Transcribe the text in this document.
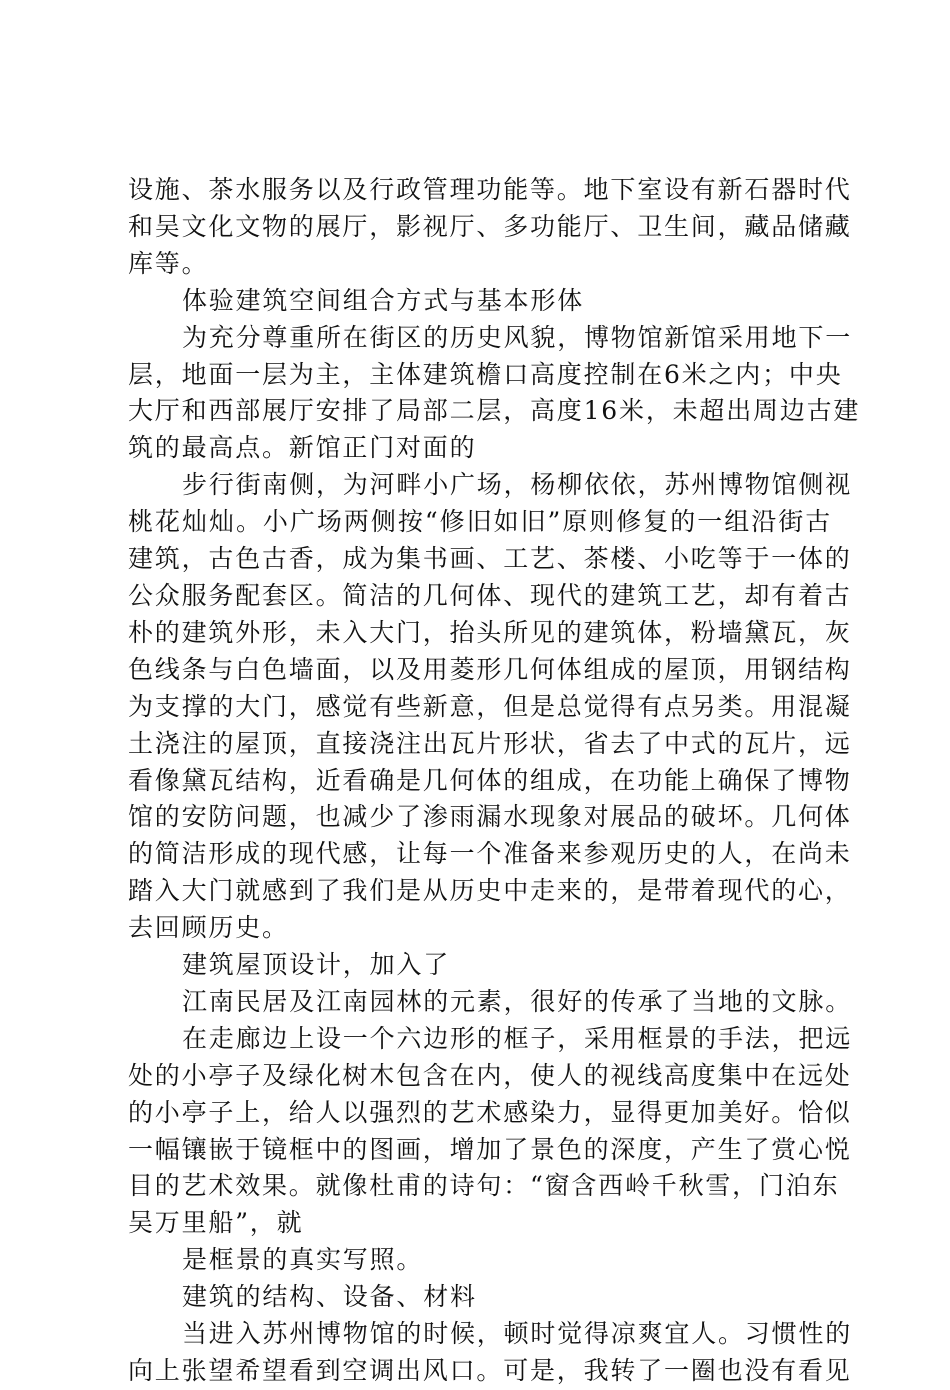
设施、茶水服务以及行政管理功能等。地下室设有新石器时代
和吴文化文物的展厅，影视厅、多功能厅、卫生间，藏品储藏
库等。
体验建筑空间组合方式与基本形体
为充分尊重所在街区的历史风貌，博物馆新馆采用地下一
层，地面一层为主，主体建筑檐口高度控制在6米之内；中央
大厅和西部展厅安排了局部二层，高度16米，未超出周边古建
筑的最高点。新馆正门对面的
步行街南侧，为河畔小广场，杨柳依依，苏州博物馆侧视
桃花灿灿。小广场两侧按“修旧如旧”原则修复的一组沿街古
建筑，古色古香，成为集书画、工艺、茶楼、小吃等于一体的
公众服务配套区。简洁的几何体、现代的建筑工艺，却有着古
朴的建筑外形，未入大门，抬头所见的建筑体，粉墙黛瓦，灰
色线条与白色墙面，以及用菱形几何体组成的屋顶，用钢结构
为支撑的大门，感觉有些新意，但是总觉得有点另类。用混凝
土浇注的屋顶，直接浇注出瓦片形状，省去了中式的瓦片，远
看像黛瓦结构，近看确是几何体的组成，在功能上确保了博物
馆的安防问题，也减少了渗雨漏水现象对展品的破坏。几何体
的简洁形成的现代感，让每一个准备来参观历史的人，在尚未
踏入大门就感到了我们是从历史中走来的，是带着现代的心，
去回顾历史。
建筑屋顶设计，加入了
江南民居及江南园林的元素，很好的传承了当地的文脉。
在走廊边上设一个六边形的框子，采用框景的手法，把远
处的小亭子及绿化树木包含在内，使人的视线高度集中在远处
的小亭子上，给人以强烈的艺术感染力，显得更加美好。恰似
一幅镶嵌于镜框中的图画，增加了景色的深度，产生了赏心悦
目的艺术效果。就像杜甫的诗句：“窗含西岭千秋雪，门泊东
吴万里船”，就
是框景的真实写照。
建筑的结构、设备、材料
当进入苏州博物馆的时候，顿时觉得凉爽宜人。习惯性的
向上张望希望看到空调出风口。可是，我转了一圈也没有看见
